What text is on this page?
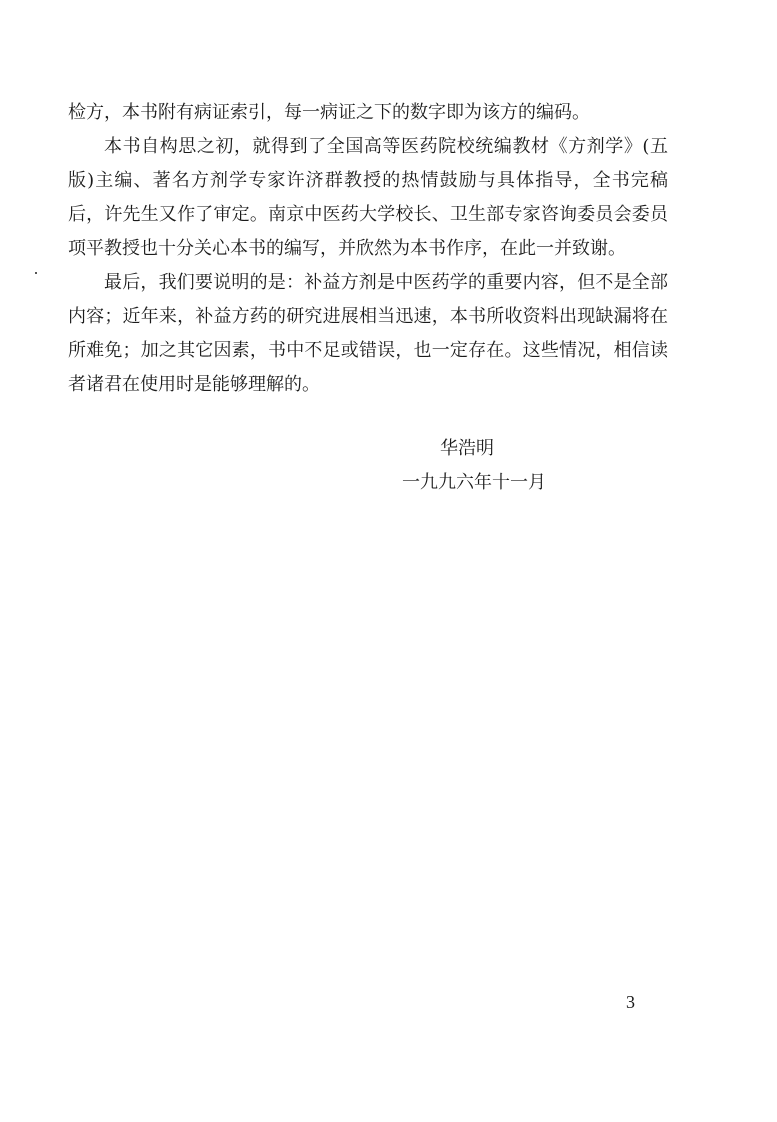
检方，本书附有病证索引，每一病证之下的数字即为该方的编码。

本书自构思之初，就得到了全国高等医药院校统编教材《方剂学》(五版)主编、著名方剂学专家许济群教授的热情鼓励与具体指导，全书完稿后，许先生又作了审定。南京中医药大学校长、卫生部专家咨询委员会委员项平教授也十分关心本书的编写，并欣然为本书作序，在此一并致谢。

最后，我们要说明的是：补益方剂是中医药学的重要内容，但不是全部内容；近年来，补益方药的研究进展相当迅速，本书所收资料出现缺漏将在所难免；加之其它因素，书中不足或错误，也一定存在。这些情况，相信读者诸君在使用时是能够理解的。

华浩明
一九九六年十一月
3
